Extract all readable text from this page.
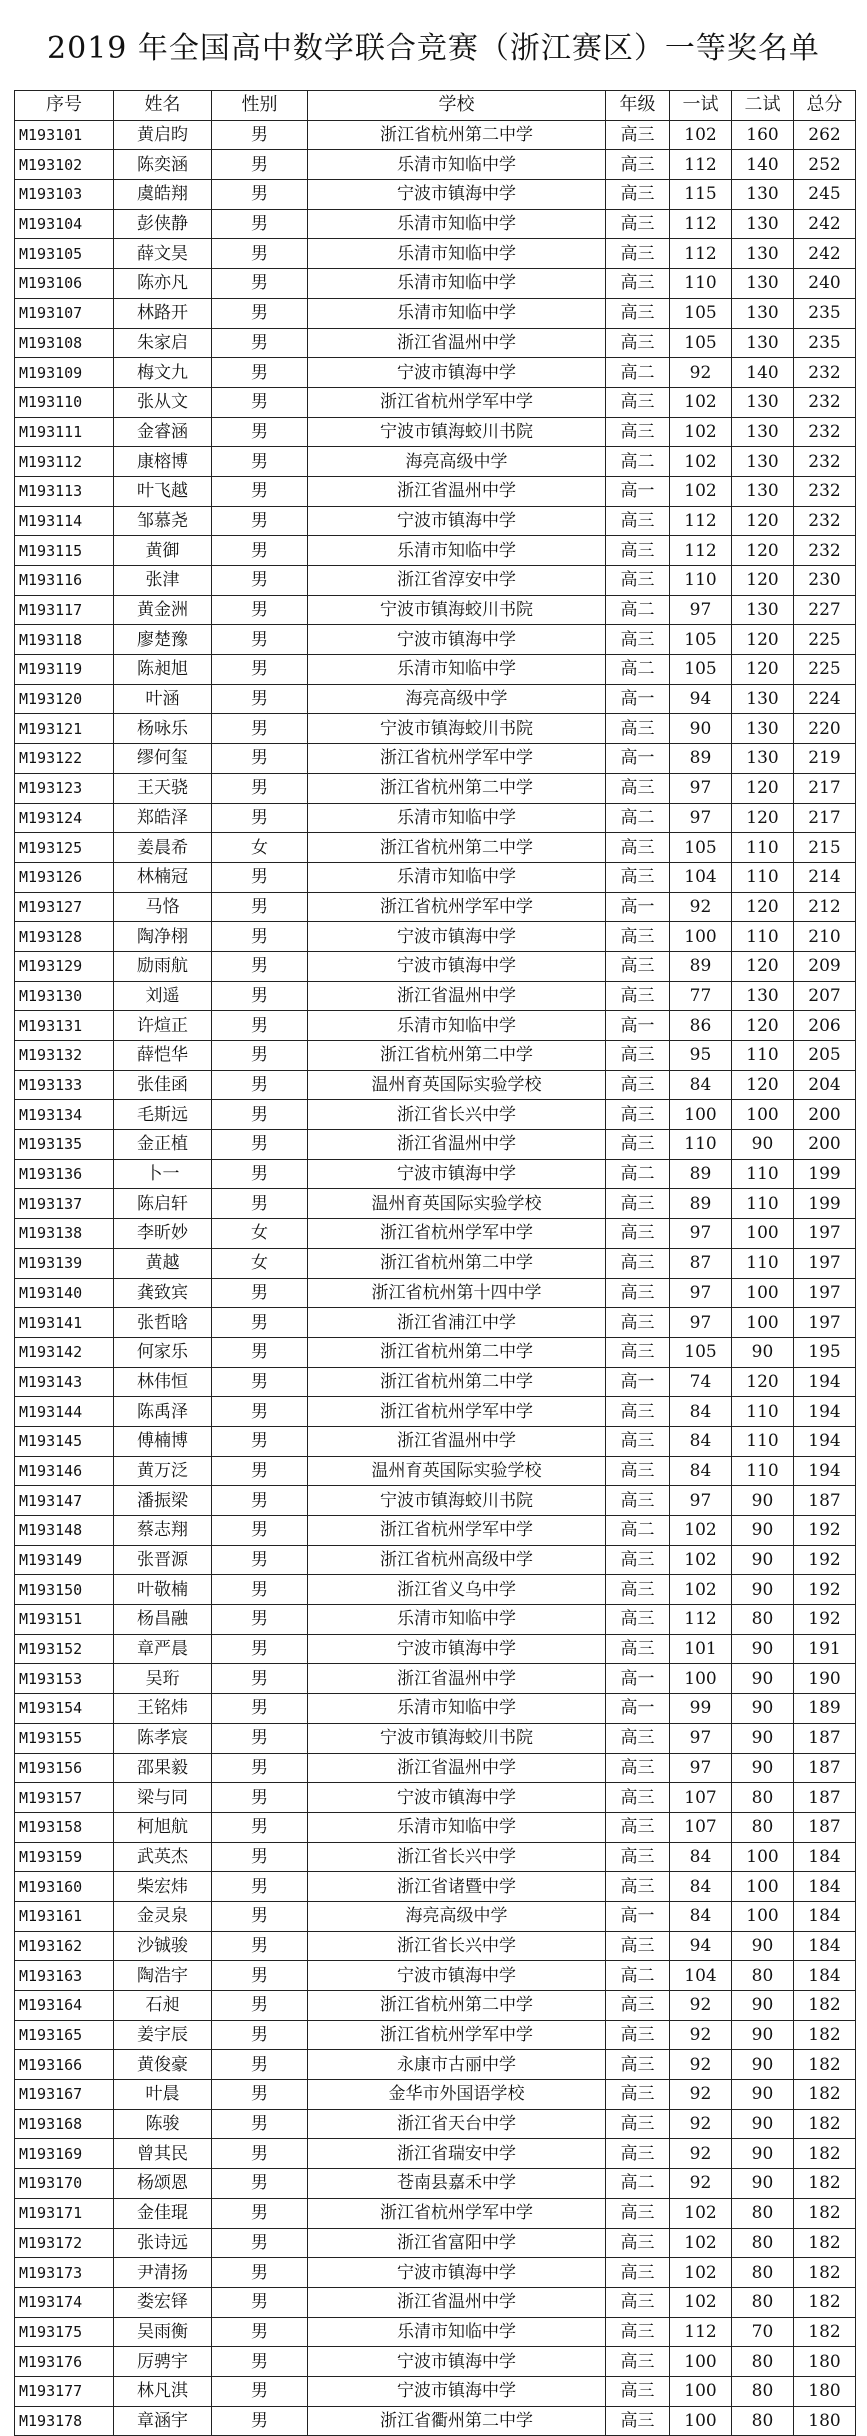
2019 年全国高中数学联合竞赛（浙江赛区）一等奖名单
序号	姓名	性别	学校	年级	一试	二试	总分
M193101	黄启昀	男	浙江省杭州第二中学	高三	102	160	262
M193102	陈奕涵	男	乐清市知临中学	高三	112	140	252
M193103	虞皓翔	男	宁波市镇海中学	高三	115	130	245
M193104	彭侠静	男	乐清市知临中学	高三	112	130	242
M193105	薛文昊	男	乐清市知临中学	高三	112	130	242
M193106	陈亦凡	男	乐清市知临中学	高三	110	130	240
M193107	林路开	男	乐清市知临中学	高三	105	130	235
M193108	朱家启	男	浙江省温州中学	高三	105	130	235
M193109	梅文九	男	宁波市镇海中学	高二	92	140	232
M193110	张从文	男	浙江省杭州学军中学	高三	102	130	232
M193111	金睿涵	男	宁波市镇海蛟川书院	高三	102	130	232
M193112	康榕博	男	海亮高级中学	高二	102	130	232
M193113	叶飞越	男	浙江省温州中学	高一	102	130	232
M193114	邹慕尧	男	宁波市镇海中学	高三	112	120	232
M193115	黄御	男	乐清市知临中学	高三	112	120	232
M193116	张津	男	浙江省淳安中学	高三	110	120	230
M193117	黄金洲	男	宁波市镇海蛟川书院	高二	97	130	227
M193118	廖楚豫	男	宁波市镇海中学	高三	105	120	225
M193119	陈昶旭	男	乐清市知临中学	高二	105	120	225
M193120	叶涵	男	海亮高级中学	高一	94	130	224
M193121	杨咏乐	男	宁波市镇海蛟川书院	高三	90	130	220
M193122	缪何玺	男	浙江省杭州学军中学	高一	89	130	219
M193123	王天骁	男	浙江省杭州第二中学	高三	97	120	217
M193124	郑皓泽	男	乐清市知临中学	高二	97	120	217
M193125	姜晨希	女	浙江省杭州第二中学	高三	105	110	215
M193126	林楠冠	男	乐清市知临中学	高三	104	110	214
M193127	马恪	男	浙江省杭州学军中学	高一	92	120	212
M193128	陶净栩	男	宁波市镇海中学	高三	100	110	210
M193129	励雨航	男	宁波市镇海中学	高三	89	120	209
M193130	刘遥	男	浙江省温州中学	高三	77	130	207
M193131	许煊正	男	乐清市知临中学	高一	86	120	206
M193132	薛恺华	男	浙江省杭州第二中学	高三	95	110	205
M193133	张佳函	男	温州育英国际实验学校	高三	84	120	204
M193134	毛斯远	男	浙江省长兴中学	高三	100	100	200
M193135	金正植	男	浙江省温州中学	高三	110	90	200
M193136	卜一	男	宁波市镇海中学	高二	89	110	199
M193137	陈启轩	男	温州育英国际实验学校	高三	89	110	199
M193138	李昕妙	女	浙江省杭州学军中学	高三	97	100	197
M193139	黄越	女	浙江省杭州第二中学	高三	87	110	197
M193140	龚致宾	男	浙江省杭州第十四中学	高三	97	100	197
M193141	张哲晗	男	浙江省浦江中学	高三	97	100	197
M193142	何家乐	男	浙江省杭州第二中学	高三	105	90	195
M193143	林伟恒	男	浙江省杭州第二中学	高一	74	120	194
M193144	陈禹泽	男	浙江省杭州学军中学	高三	84	110	194
M193145	傅楠博	男	浙江省温州中学	高三	84	110	194
M193146	黄万泛	男	温州育英国际实验学校	高三	84	110	194
M193147	潘振梁	男	宁波市镇海蛟川书院	高三	97	90	187
M193148	蔡志翔	男	浙江省杭州学军中学	高二	102	90	192
M193149	张晋源	男	浙江省杭州高级中学	高三	102	90	192
M193150	叶敬楠	男	浙江省义乌中学	高三	102	90	192
M193151	杨昌融	男	乐清市知临中学	高三	112	80	192
M193152	章严晨	男	宁波市镇海中学	高三	101	90	191
M193153	吴珩	男	浙江省温州中学	高一	100	90	190
M193154	王铭炜	男	乐清市知临中学	高一	99	90	189
M193155	陈孝宸	男	宁波市镇海蛟川书院	高三	97	90	187
M193156	邵果毅	男	浙江省温州中学	高三	97	90	187
M193157	梁与同	男	宁波市镇海中学	高三	107	80	187
M193158	柯旭航	男	乐清市知临中学	高三	107	80	187
M193159	武英杰	男	浙江省长兴中学	高三	84	100	184
M193160	柴宏炜	男	浙江省诸暨中学	高三	84	100	184
M193161	金灵泉	男	海亮高级中学	高一	84	100	184
M193162	沙铖骏	男	浙江省长兴中学	高三	94	90	184
M193163	陶浩宇	男	宁波市镇海中学	高二	104	80	184
M193164	石昶	男	浙江省杭州第二中学	高三	92	90	182
M193165	姜宇辰	男	浙江省杭州学军中学	高三	92	90	182
M193166	黄俊豪	男	永康市古丽中学	高三	92	90	182
M193167	叶晨	男	金华市外国语学校	高三	92	90	182
M193168	陈骏	男	浙江省天台中学	高三	92	90	182
M193169	曾其民	男	浙江省瑞安中学	高三	92	90	182
M193170	杨颂恩	男	苍南县嘉禾中学	高二	92	90	182
M193171	金佳琨	男	浙江省杭州学军中学	高三	102	80	182
M193172	张诗远	男	浙江省富阳中学	高三	102	80	182
M193173	尹清扬	男	宁波市镇海中学	高三	102	80	182
M193174	娄宏铎	男	浙江省温州中学	高三	102	80	182
M193175	吴雨衡	男	乐清市知临中学	高三	112	70	182
M193176	厉骋宇	男	宁波市镇海中学	高三	100	80	180
M193177	林凡淇	男	宁波市镇海中学	高三	100	80	180
M193178	章涵宇	男	浙江省衢州第二中学	高三	100	80	180
